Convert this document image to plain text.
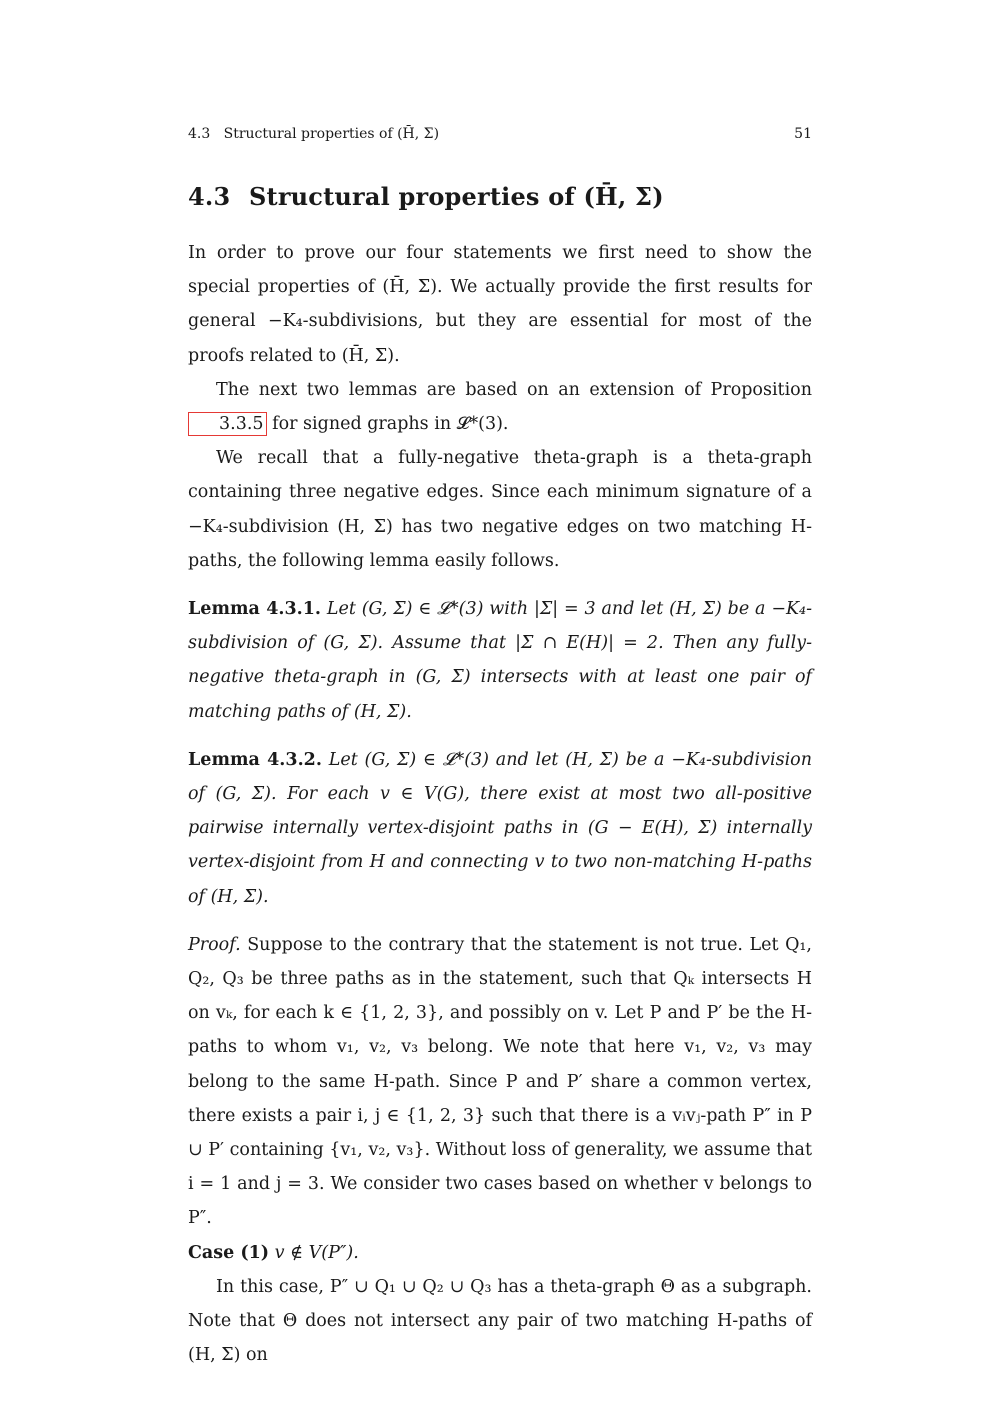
4.3   Structural properties of (H̄, Σ)	51
4.3 Structural properties of (H̄, Σ)

In order to prove our four statements we first need to show the special properties of (H̄, Σ). We actually provide the first results for general −K₄-subdivisions, but they are essential for most of the proofs related to (H̄, Σ).

The next two lemmas are based on an extension of Proposition 3.3.5 for signed graphs in 𝓛*(3).

We recall that a fully-negative theta-graph is a theta-graph containing three negative edges. Since each minimum signature of a −K₄-subdivision (H, Σ) has two negative edges on two matching H-paths, the following lemma easily follows.

Lemma 4.3.1. Let (G, Σ) ∈ 𝓛*(3) with |Σ| = 3 and let (H, Σ) be a −K₄-subdivision of (G, Σ). Assume that |Σ ∩ E(H)| = 2. Then any fully-negative theta-graph in (G, Σ) intersects with at least one pair of matching paths of (H, Σ).

Lemma 4.3.2. Let (G, Σ) ∈ 𝓛*(3) and let (H, Σ) be a −K₄-subdivision of (G, Σ). For each v ∈ V(G), there exist at most two all-positive pairwise internally vertex-disjoint paths in (G − E(H), Σ) internally vertex-disjoint from H and connecting v to two non-matching H-paths of (H, Σ).

Proof. Suppose to the contrary that the statement is not true. Let Q₁, Q₂, Q₃ be three paths as in the statement, such that Qₖ intersects H on vₖ, for each k ∈ {1, 2, 3}, and possibly on v. Let P and P′ be the H-paths to whom v₁, v₂, v₃ belong. We note that here v₁, v₂, v₃ may belong to the same H-path. Since P and P′ share a common vertex, there exists a pair i, j ∈ {1, 2, 3} such that there is a vᵢvⱼ-path P″ in P ∪ P′ containing {v₁, v₂, v₃}. Without loss of generality, we assume that i = 1 and j = 3. We consider two cases based on whether v belongs to P″.

Case (1) v ∉ V(P″).

In this case, P″ ∪ Q₁ ∪ Q₂ ∪ Q₃ has a theta-graph Θ as a subgraph. Note that Θ does not intersect any pair of two matching H-paths of (H, Σ) on
